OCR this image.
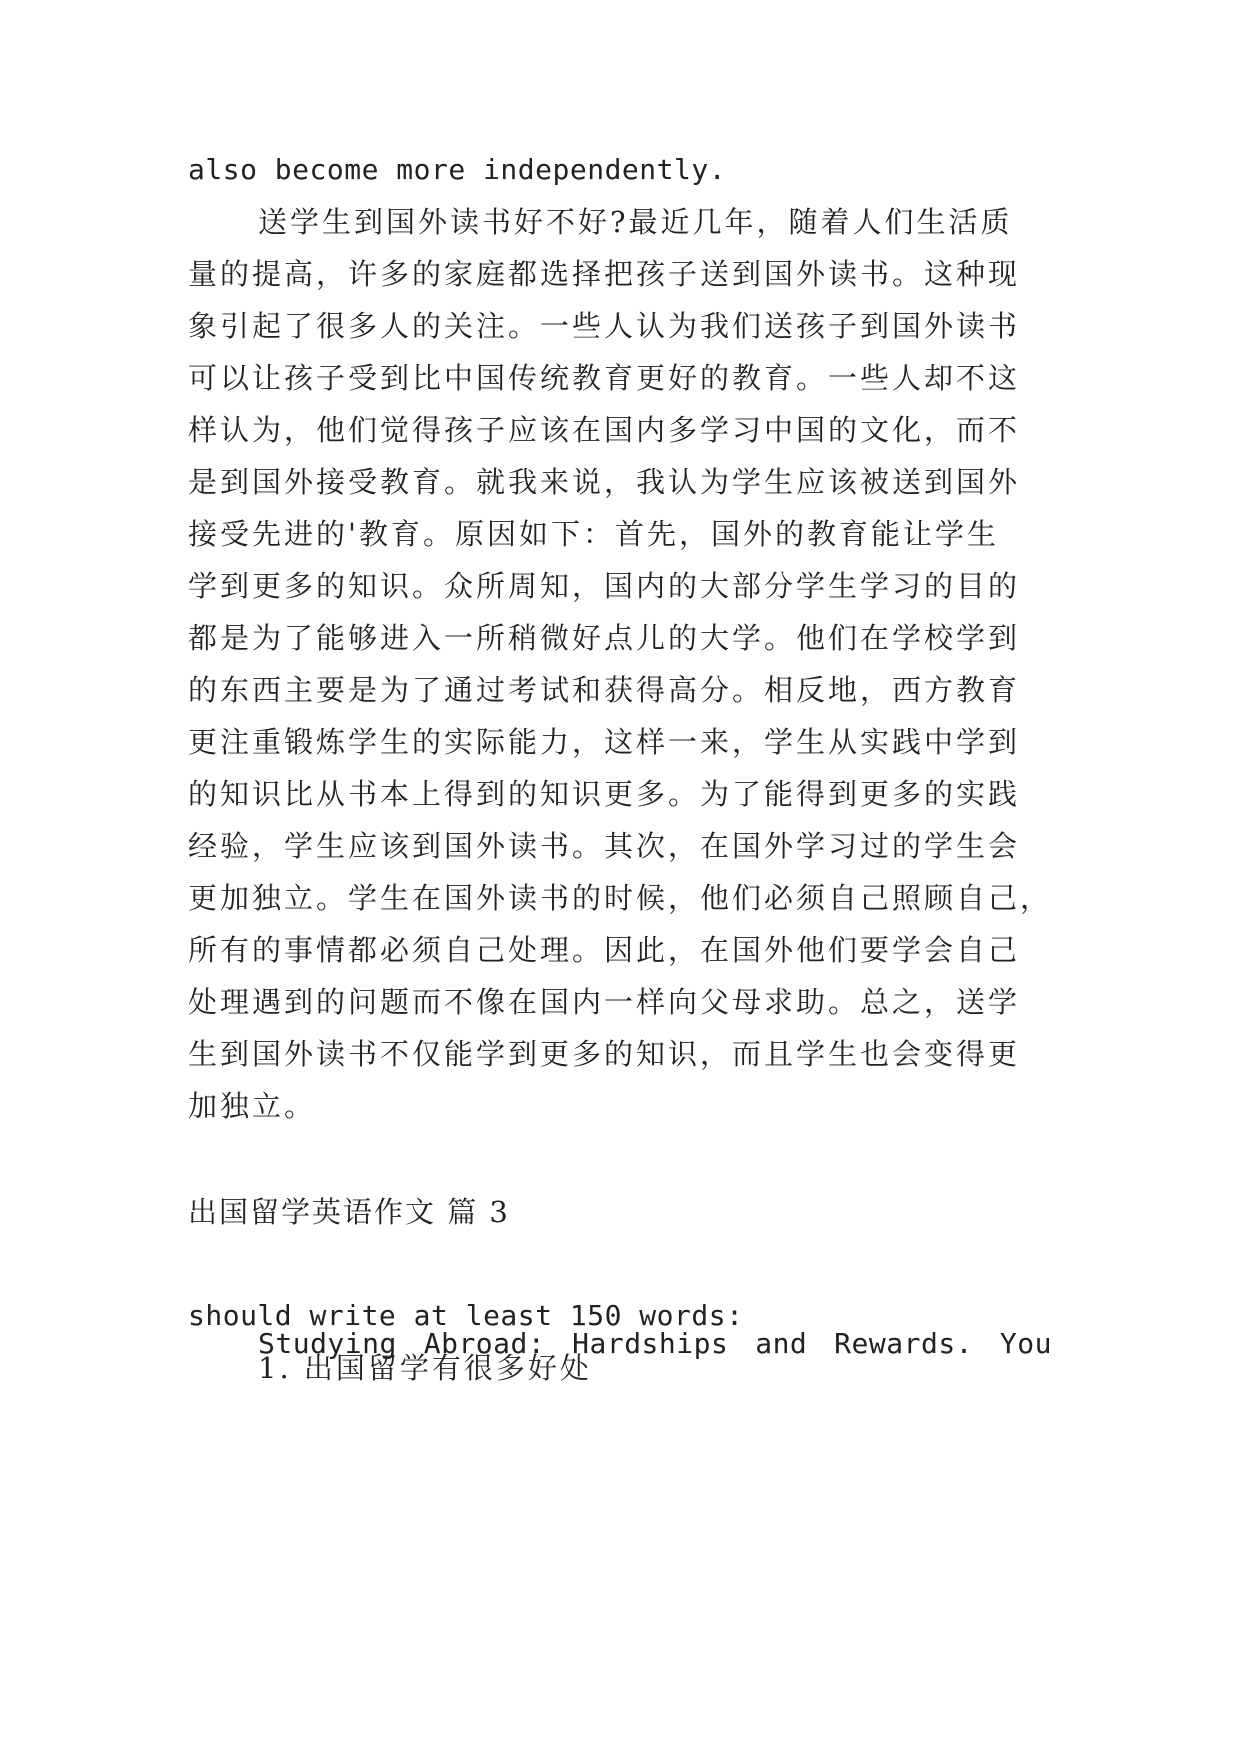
also become more independently.
送学生到国外读书好不好?最近几年，随着人们生活质
量的提高，许多的家庭都选择把孩子送到国外读书。这种现
象引起了很多人的关注。一些人认为我们送孩子到国外读书
可以让孩子受到比中国传统教育更好的教育。一些人却不这
样认为，他们觉得孩子应该在国内多学习中国的文化，而不
是到国外接受教育。就我来说，我认为学生应该被送到国外
接受先进的'教育。原因如下：首先，国外的教育能让学生
学到更多的知识。众所周知，国内的大部分学生学习的目的
都是为了能够进入一所稍微好点儿的大学。他们在学校学到
的东西主要是为了通过考试和获得高分。相反地，西方教育
更注重锻炼学生的实际能力，这样一来，学生从实践中学到
的知识比从书本上得到的知识更多。为了能得到更多的实践
经验，学生应该到国外读书。其次，在国外学习过的学生会
更加独立。学生在国外读书的时候，他们必须自己照顾自己，
所有的事情都必须自己处理。因此，在国外他们要学会自己
处理遇到的问题而不像在国内一样向父母求助。总之，送学
生到国外读书不仅能学到更多的知识，而且学生也会变得更
加独立。
出国留学英语作文 篇 3

Studying Abroad: Hardships and Rewards. You

should write at least 150 words:
1. 出国留学有很多好处
